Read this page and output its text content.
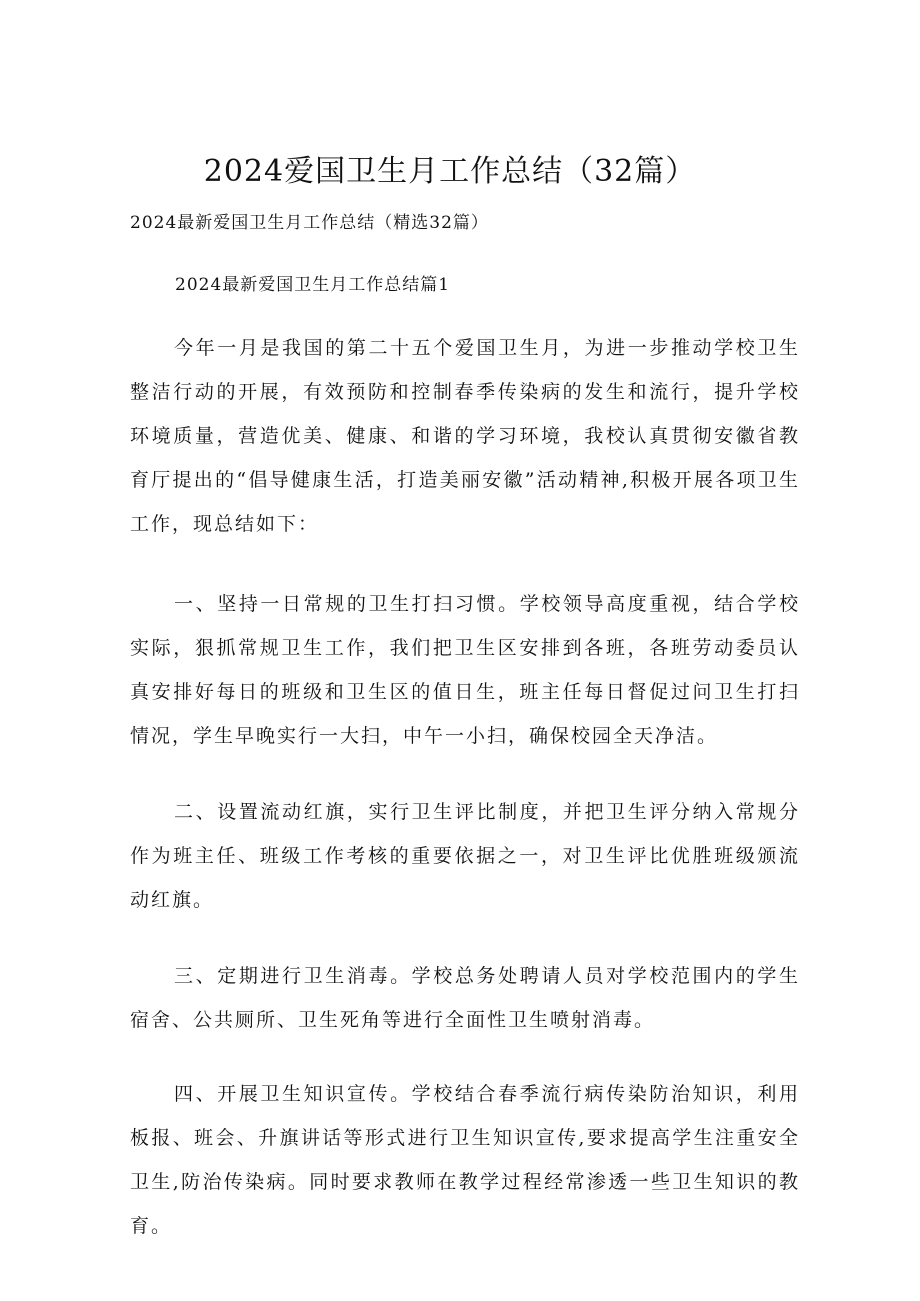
2024爱国卫生月工作总结（32篇）

2024最新爱国卫生月工作总结（精选32篇）

2024最新爱国卫生月工作总结篇1

今年一月是我国的第二十五个爱国卫生月，为进一步推动学校卫生整洁行动的开展，有效预防和控制春季传染病的发生和流行，提升学校环境质量，营造优美、健康、和谐的学习环境，我校认真贯彻安徽省教育厅提出的“倡导健康生活，打造美丽安徽”活动精神,积极开展各项卫生工作，现总结如下：

一、坚持一日常规的卫生打扫习惯。学校领导高度重视，结合学校实际，狠抓常规卫生工作，我们把卫生区安排到各班，各班劳动委员认真安排好每日的班级和卫生区的值日生，班主任每日督促过问卫生打扫情况，学生早晚实行一大扫，中午一小扫，确保校园全天净洁。

二、设置流动红旗，实行卫生评比制度，并把卫生评分纳入常规分作为班主任、班级工作考核的重要依据之一，对卫生评比优胜班级颁流动红旗。

三、定期进行卫生消毒。学校总务处聘请人员对学校范围内的学生宿舍、公共厕所、卫生死角等进行全面性卫生喷射消毒。

四、开展卫生知识宣传。学校结合春季流行病传染防治知识，利用板报、班会、升旗讲话等形式进行卫生知识宣传,要求提高学生注重安全卫生,防治传染病。同时要求教师在教学过程经常渗透一些卫生知识的教育。
